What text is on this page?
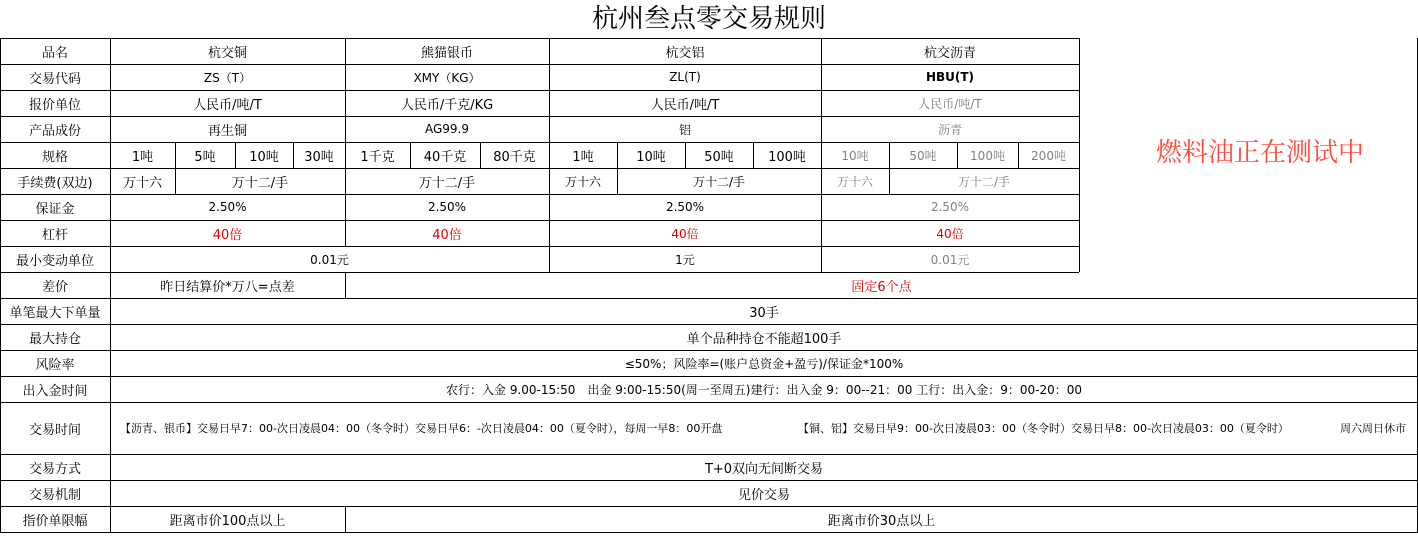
杭州叁点零交易规则
品名	杭交铜	熊猫银币	杭交铝	杭交沥青
交易代码	ZS（T）	XMY（KG）	ZL(T)	HBU(T)
报价单位	人民币/吨/T	人民币/千克/KG	人民币/吨/T	人民币/吨/T
产品成份	再生铜	AG99.9	铝	沥青
规格	1吨	5吨	10吨	30吨	1千克	40千克	80千克	1吨	10吨	50吨	100吨	10吨	50吨	100吨	200吨
手续费(双边)	万十六	万十二/手	万十二/手	万十六	万十二/手	万十六	万十二/手
保证金	2.50%	2.50%	2.50%	2.50%
杠杆	40倍	40倍	40倍	40倍
最小变动单位	0.01元	1元	0.01元
差价	昨日结算价*万八=点差	固定6个点
单笔最大下单量	30手
最大持仓	单个品种持仓不能超100手
风险率	≤50%；风险率=(账户总资金+盈亏)/保证金*100%
出入金时间	农行：入金 9.00-15:50　出金 9:00-15:50(周一至周五)建行：出入金 9：00--21：00 工行：出入金：9：00-20：00
交易时间	【沥青、银币】交易日早7：00-次日凌晨04：00（冬令时）交易日早6：-次日凌晨04：00（夏令时），每周一早8：00开盘	【铜、铝】交易日早9：00-次日凌晨03：00（冬令时）交易日早8：00-次日凌晨03：00（夏令时）	周六周日休市
交易方式	T+0双向无间断交易
交易机制	见价交易
指价单限幅	距离市价100点以上	距离市价30点以上
燃料油正在测试中
